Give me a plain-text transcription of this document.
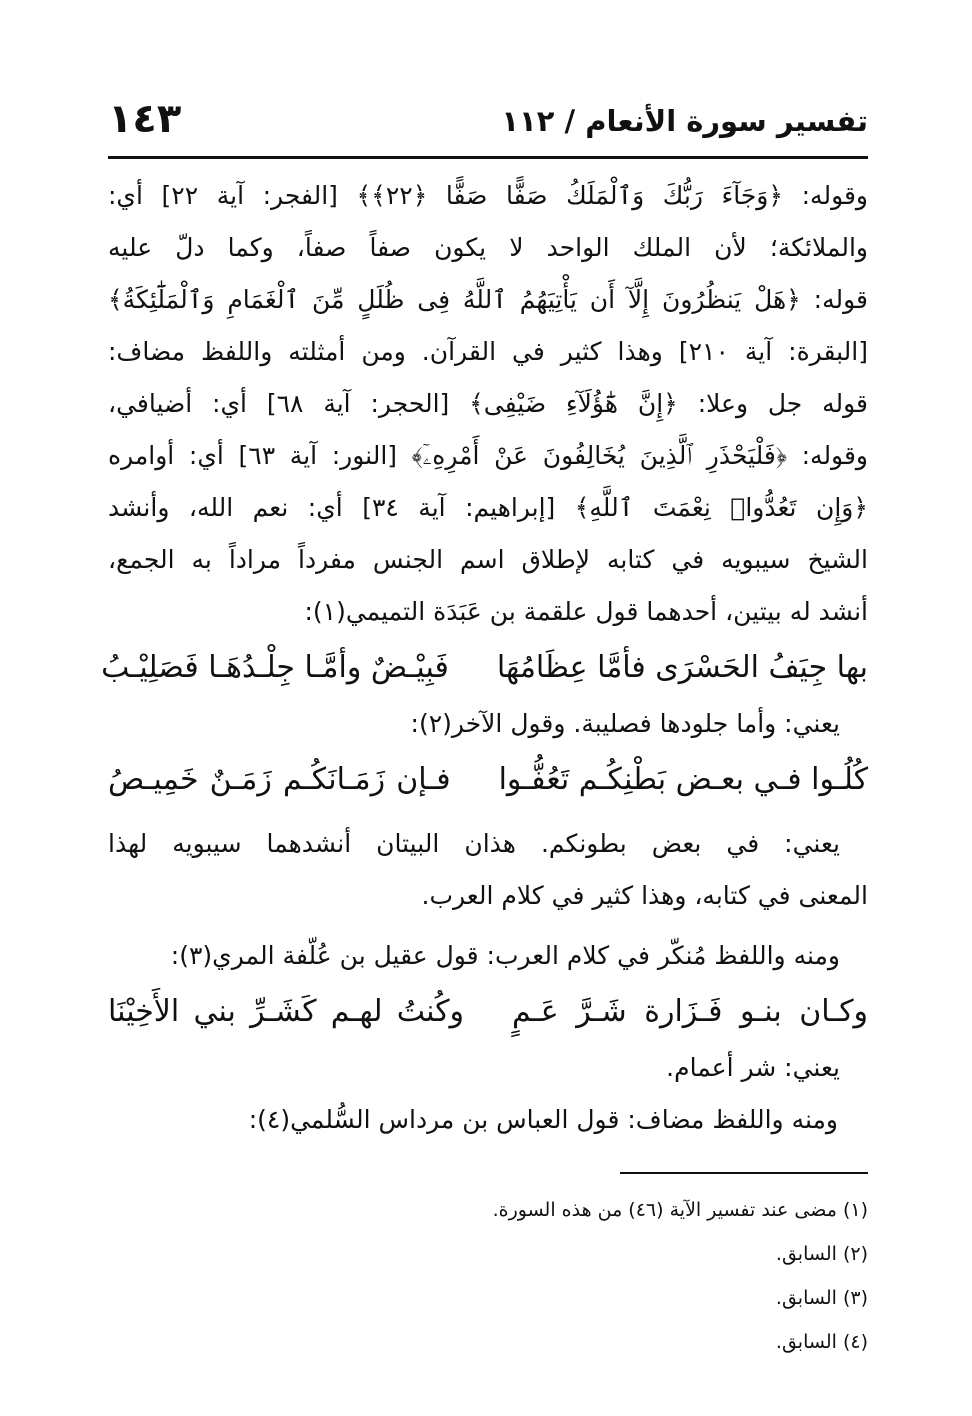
تفسير سورة الأنعام / ١١٢
١٤٣
وقوله: ﴿وَجَآءَ رَبُّكَ وَٱلْمَلَكُ صَفًّا صَفًّا ﴿٢٢﴾﴾ [الفجر: آية ٢٢] أي:
والملائكة؛ لأن الملك الواحد لا يكون صفاً صفاً، وكما دلّ عليه
قوله: ﴿هَلْ يَنظُرُونَ إِلَّآ أَن يَأْتِيَهُمُ ٱللَّهُ فِى ظُلَلٍ مِّنَ ٱلْغَمَامِ وَٱلْمَلَٰٓئِكَةُ﴾
[البقرة: آية ٢١٠] وهذا كثير في القرآن. ومن أمثلته واللفظ مضاف:
قوله جل وعلا: ﴿إِنَّ هَٰٓؤُلَآءِ ضَيْفِى﴾ [الحجر: آية ٦٨] أي: أضيافي،
وقوله: ﴿فَلْيَحْذَرِ ٱلَّذِينَ يُخَالِفُونَ عَنْ أَمْرِهِۦٓ﴾ [النور: آية ٦٣] أي: أوامره
﴿وَإِن تَعُدُّوا۟ نِعْمَتَ ٱللَّهِ﴾ [إبراهيم: آية ٣٤] أي: نعم الله، وأنشد
الشيخ سيبويه في كتابه لإطلاق اسم الجنس مفرداً مراداً به الجمع،
أنشد له بيتين، أحدهما قول علقمة بن عَبَدَة التميمي(١):
بها جِيَفُ الحَسْرَى فأمَّا عِظَامُهَا
فَبِيْـضٌ وأمَّـا جِلْـدُهَـا فَصَلِيْـبُ
يعني: وأما جلودها فصليبة. وقول الآخر(٢):
كُلُـوا فـي بعـض بَطْنِكُـم تَعُفُّـوا
فـإن زَمَـانَكُـم زَمَـنٌ خَمِيـصُ
يعني: في بعض بطونكم. هذان البيتان أنشدهما سيبويه لهذا
المعنى في كتابه، وهذا كثير في كلام العرب.
ومنه واللفظ مُنكّر في كلام العرب: قول عقيل بن عُلّفة المري(٣):
وكـان بنـو فَـزَارة شَـرَّ عَـمٍ
وكُنتُ لهـم كَشَـرِّ بني الأَخِيْنَا
يعني: شر أعمام.
ومنه واللفظ مضاف: قول العباس بن مرداس السُّلمي(٤):
(١) مضى عند تفسير الآية (٤٦) من هذه السورة.
(٢) السابق.
(٣) السابق.
(٤) السابق.
